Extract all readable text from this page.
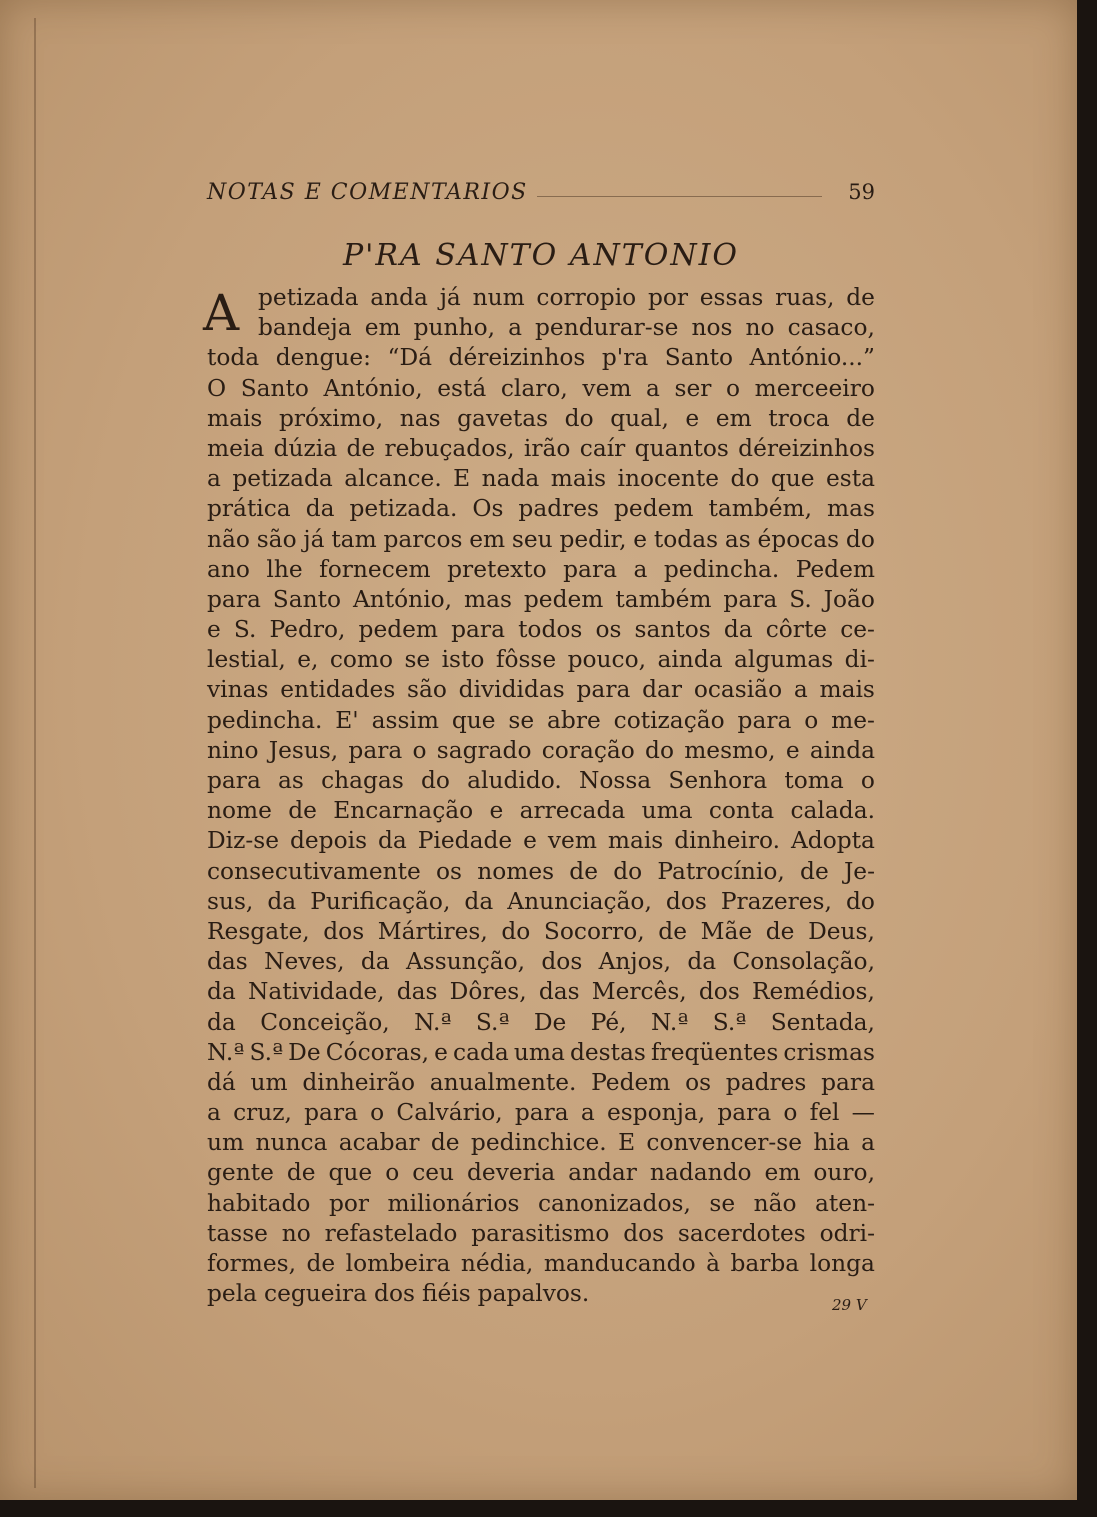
NOTAS E COMENTARIOS	59
P'RA SANTO ANTONIO
A petizada anda já num corropio por essas ruas, de
bandeja em punho, a pendurar-se nos no casaco,
toda dengue: “Dá déreizinhos p'ra Santo António...”
O Santo António, está claro, vem a ser o merceeiro
mais próximo, nas gavetas do qual, e em troca de
meia dúzia de rebuçados, irão caír quantos déreizinhos
a petizada alcance. E nada mais inocente do que esta
prática da petizada. Os padres pedem também, mas
não são já tam parcos em seu pedir, e todas as épocas do
ano lhe fornecem pretexto para a pedincha. Pedem
para Santo António, mas pedem também para S. João
e S. Pedro, pedem para todos os santos da côrte ce-
lestial, e, como se isto fôsse pouco, ainda algumas di-
vinas entidades são divididas para dar ocasião a mais
pedincha. E' assim que se abre cotização para o me-
nino Jesus, para o sagrado coração do mesmo, e ainda
para as chagas do aludido. Nossa Senhora toma o
nome de Encarnação e arrecada uma conta calada.
Diz-se depois da Piedade e vem mais dinheiro. Adopta
consecutivamente os nomes de do Patrocínio, de Je-
sus, da Purificação, da Anunciação, dos Prazeres, do
Resgate, dos Mártires, do Socorro, de Mãe de Deus,
das Neves, da Assunção, dos Anjos, da Consolação,
da Natividade, das Dôres, das Mercês, dos Remédios,
da Conceição, N.ª S.ª De Pé, N.ª S.ª Sentada,
N.ª S.ª De Cócoras, e cada uma destas freqüentes crismas
dá um dinheirão anualmente. Pedem os padres para
a cruz, para o Calvário, para a esponja, para o fel —
um nunca acabar de pedinchice. E convencer-se hia a
gente de que o ceu deveria andar nadando em ouro,
habitado por milionários canonizados, se não aten-
tasse no refastelado parasitismo dos sacerdotes odri-
formes, de lombeira nédia, manducando à barba longa
pela cegueira dos fiéis papalvos.	29 V
